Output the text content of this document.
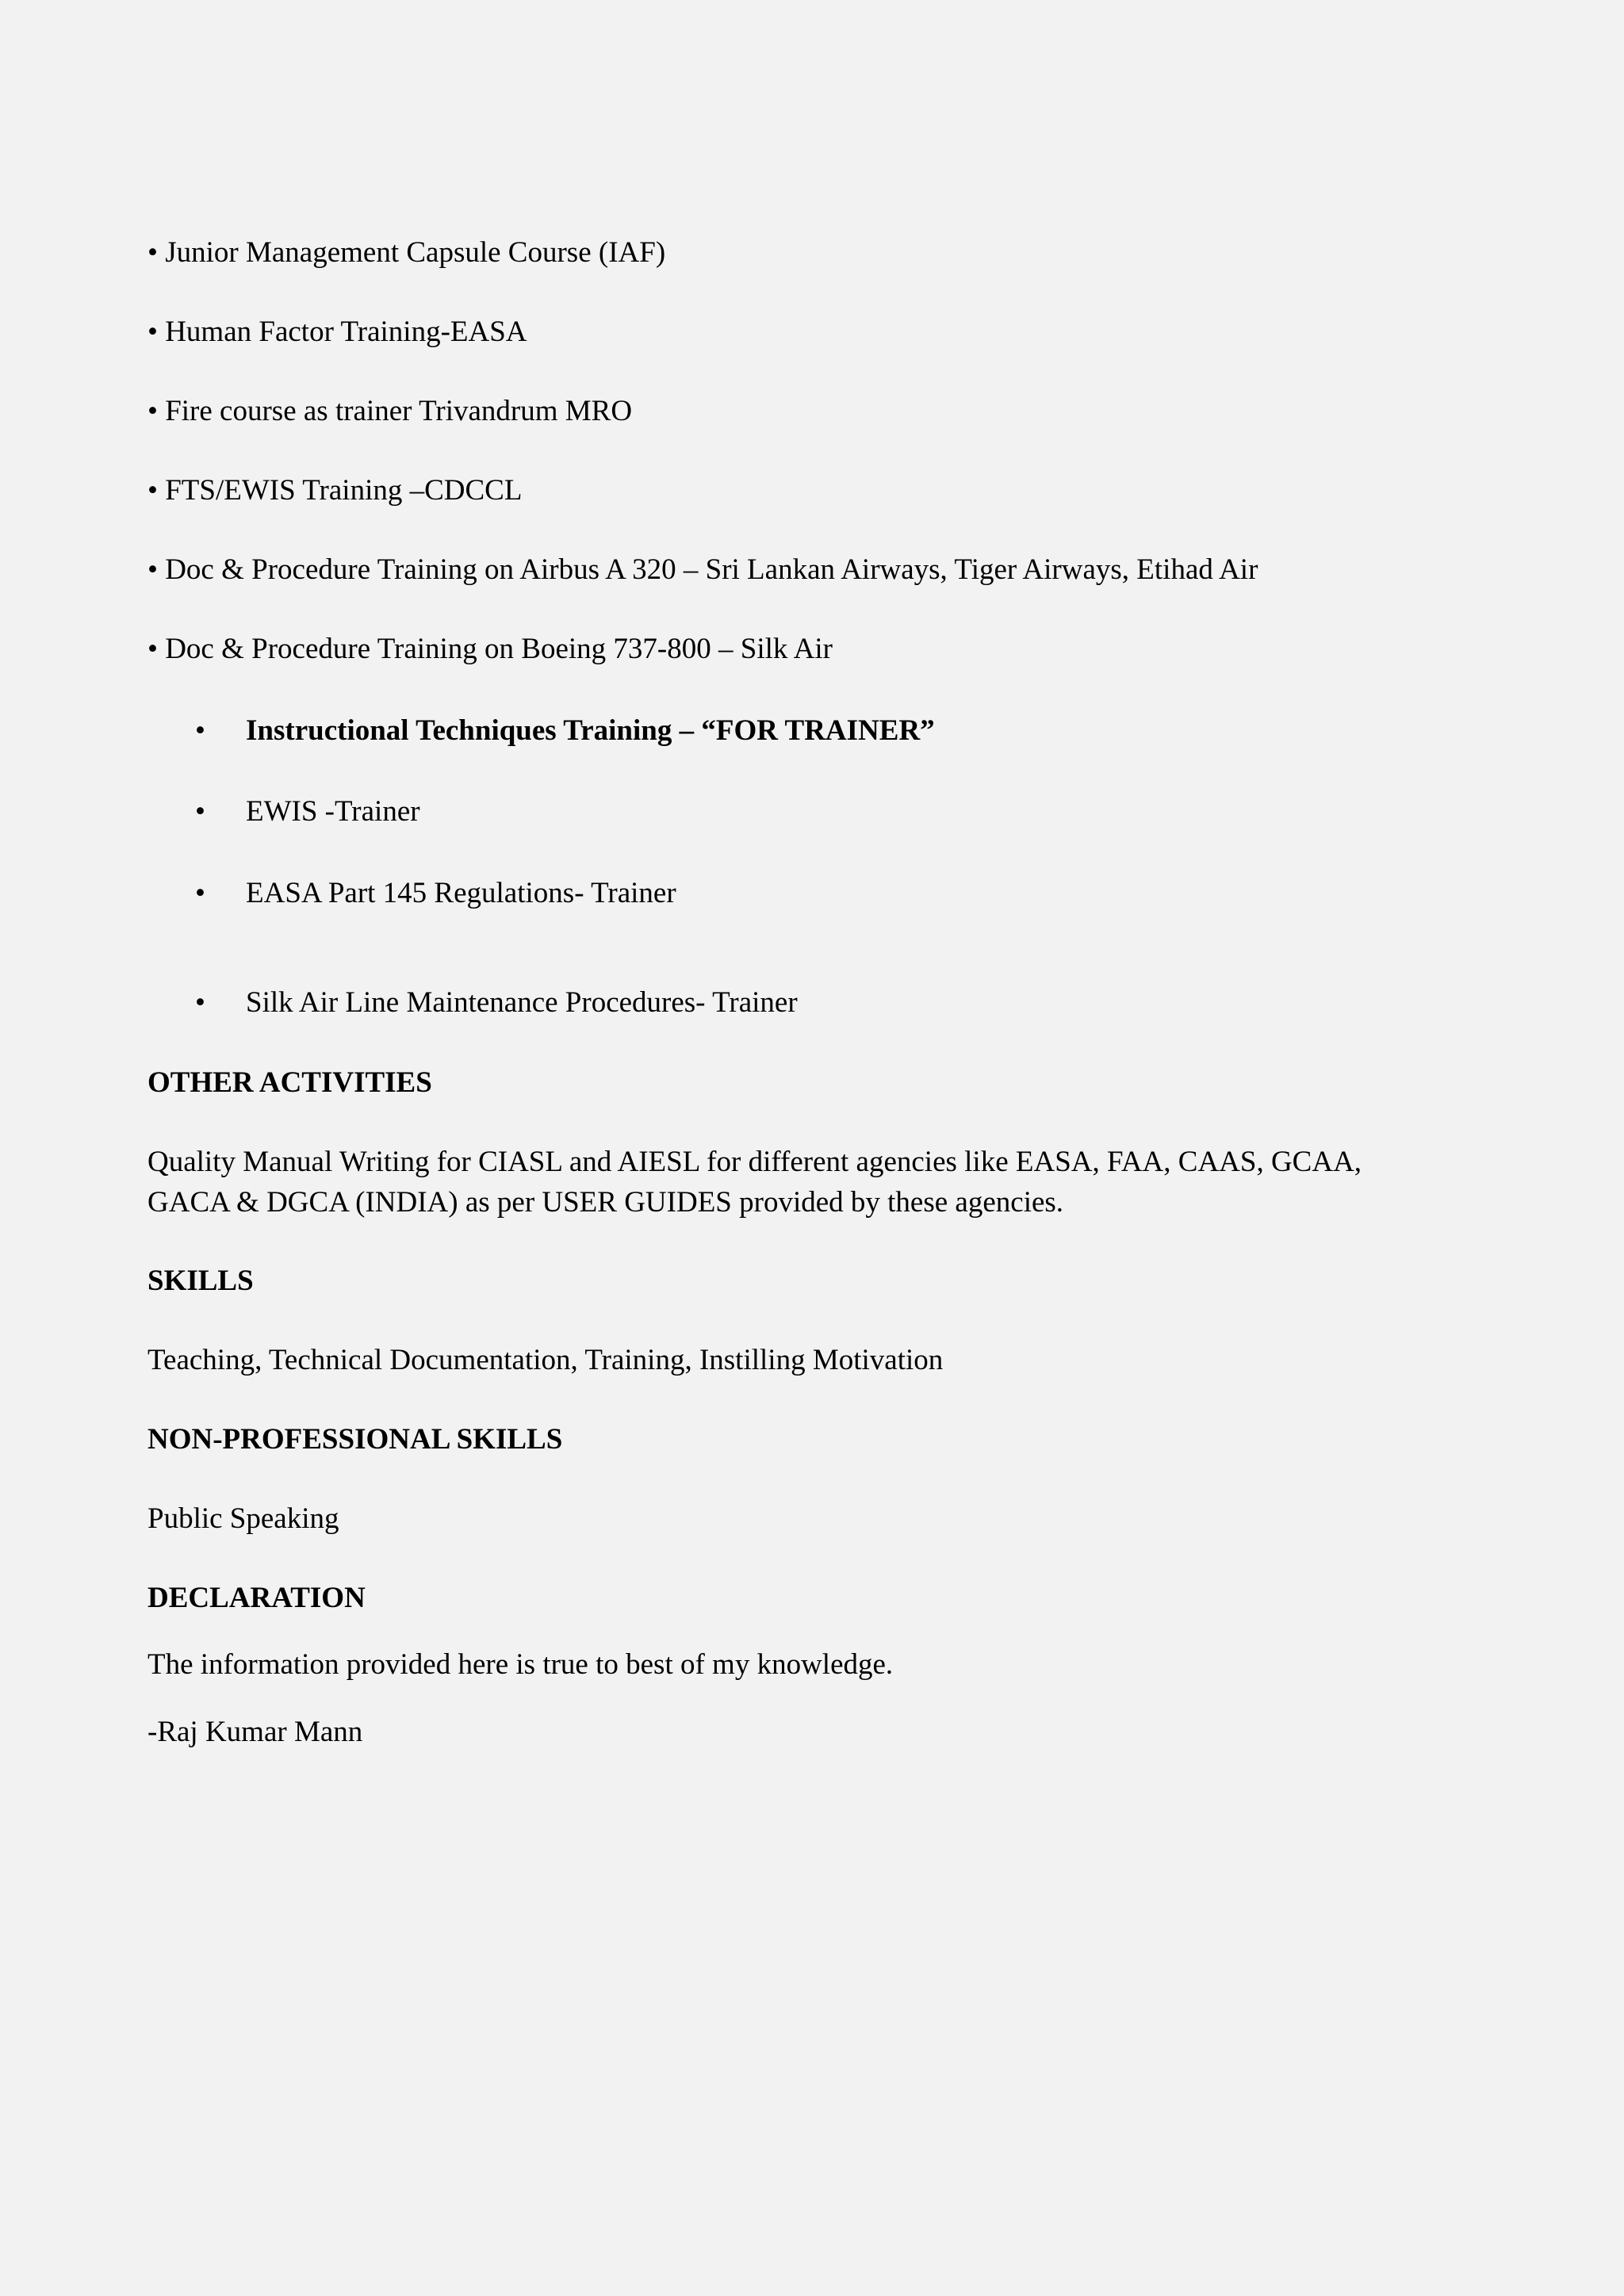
• Junior Management Capsule Course (IAF)

• Human Factor Training-EASA

• Fire course as trainer Trivandrum MRO

• FTS/EWIS Training –CDCCL

• Doc & Procedure Training on Airbus A 320 – Sri Lankan Airways, Tiger Airways, Etihad Air

• Doc & Procedure Training on Boeing 737-800 – Silk Air

• Instructional Techniques Training – “FOR TRAINER”

• EWIS -Trainer

• EASA Part 145 Regulations- Trainer

• Silk Air Line Maintenance Procedures- Trainer

OTHER ACTIVITIES

Quality Manual Writing for CIASL and AIESL for different agencies like EASA, FAA, CAAS, GCAA,

GACA & DGCA (INDIA) as per USER GUIDES provided by these agencies.

SKILLS

Teaching, Technical Documentation, Training, Instilling Motivation

NON-PROFESSIONAL SKILLS

Public Speaking

DECLARATION

The information provided here is true to best of my knowledge.

-Raj Kumar Mann
